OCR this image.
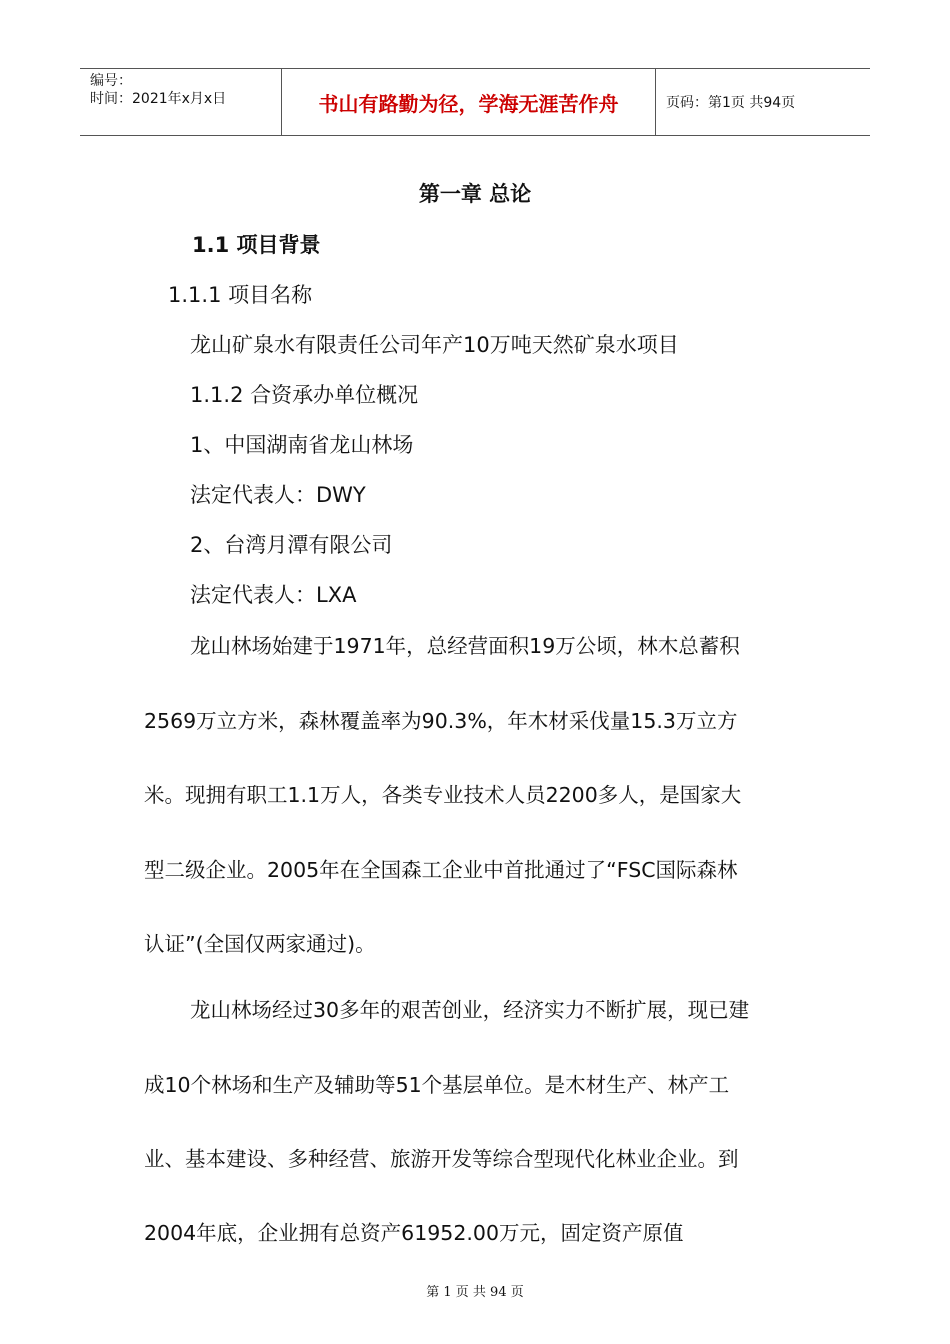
编号：
时间：2021年x月x日	书山有路勤为径，学海无涯苦作舟	页码：第1页 共94页
第一章 总论
1.1 项目背景
1.1.1 项目名称
龙山矿泉水有限责任公司年产10万吨天然矿泉水项目
1.1.2 合资承办单位概况
1、中国湖南省龙山林场
法定代表人：DWY
2、台湾月潭有限公司
法定代表人：LXA
龙山林场始建于1971年，总经营面积19万公顷，林木总蓄积
2569万立方米，森林覆盖率为90.3%，年木材采伐量15.3万立方
米。现拥有职工1.1万人，各类专业技术人员2200多人，是国家大
型二级企业。2005年在全国森工企业中首批通过了“FSC国际森林
认证”(全国仅两家通过)。
龙山林场经过30多年的艰苦创业，经济实力不断扩展，现已建
成10个林场和生产及辅助等51个基层单位。是木材生产、林产工
业、基本建设、多种经营、旅游开发等综合型现代化林业企业。到
2004年底，企业拥有总资产61952.00万元，固定资产原值
第 1 页 共 94 页
